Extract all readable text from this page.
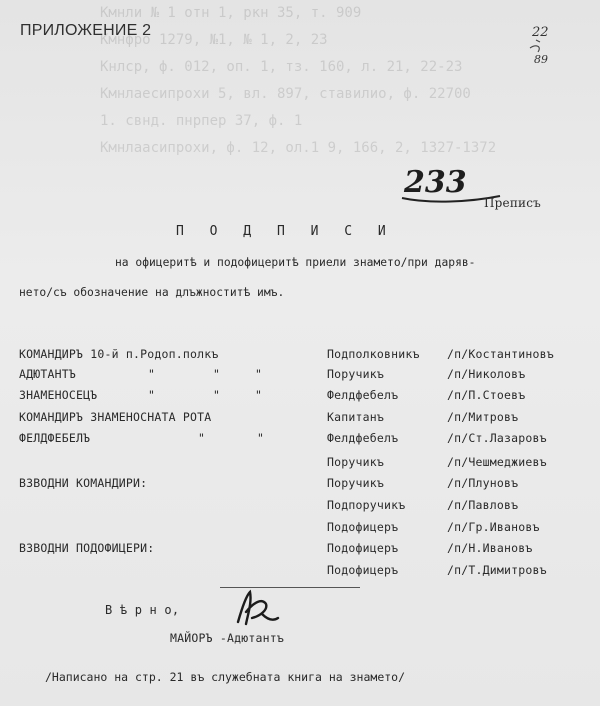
Кмнли № 1 отн 1, ркн 35, т. 909
Кмнфро 1279, №1, № 1, 2, 23
Кнлср, ф. 012, оп. 1, тз. 160, л. 21, 22-23
Кмнлаесипрохи 5, вл. 897, ставилио, ф. 22700
1. свнд. пнрпер 37, ф. 1
Кмнлаасипрохи, ф. 12, ол.1 9, 166, 2, 1327-1372
ПРИЛОЖЕНИЕ 2	22
89
233
Преписъ
П О Д П И С И
на офицеритѣ и подофицеритѣ приели знамето/при даряв-
нето/съ обозначение на длъжноститѣ имъ.
КОМАНДИРЪ 10-й п.Родоп.полкъ	Подполковникъ /п/Костантиновъ
АДЮТАНТЪ	"	"	"	Поручикъ	/п/Николовъ
ЗНАМЕНОСЕЦЪ	"	"	"	Фелдфебелъ	/п/П.Стоевъ
КОМАНДИРЪ ЗНАМЕНОСНАТА РОТА	Капитанъ	/п/Митровъ
ФЕЛДФЕБЕЛЪ	"	"	Фелдфебелъ	/п/Ст.Лазаровъ
Поручикъ	/п/Чешмеджиевъ
ВЗВОДНИ КОМАНДИРИ:	Поручикъ	/п/Плуновъ
Подпоручикъ	/п/Павловъ
Подофицеръ	/п/Гр.Ивановъ
ВЗВОДНИ ПОДОФИЦЕРИ:	Подофицеръ	/п/Н.Ивановъ
Подофицеръ	/п/Т.Димитровъ
В ѣ р н о,
МАЙОРЪ -Адютантъ
/Написано на стр. 21 въ служебната книга на знамето/
